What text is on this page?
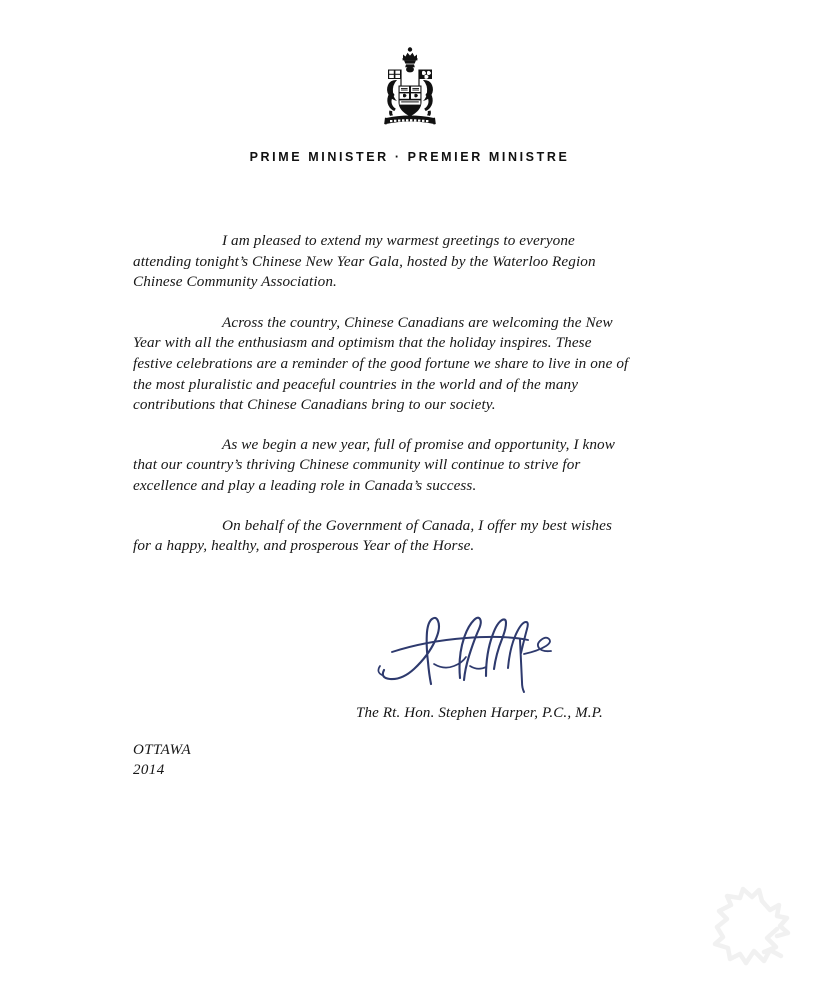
PRIME MINISTER · PREMIER MINISTRE

I am pleased to extend my warmest greetings to everyone attending tonight’s Chinese New Year Gala, hosted by the Waterloo Region Chinese Community Association.

Across the country, Chinese Canadians are welcoming the New Year with all the enthusiasm and optimism that the holiday inspires. These festive celebrations are a reminder of the good fortune we share to live in one of the most pluralistic and peaceful countries in the world and of the many contributions that Chinese Canadians bring to our society.

As we begin a new year, full of promise and opportunity, I know that our country’s thriving Chinese community will continue to strive for excellence and play a leading role in Canada’s success.

On behalf of the Government of Canada, I offer my best wishes for a happy, healthy, and prosperous Year of the Horse.

The Rt. Hon. Stephen Harper, P.C., M.P.
OTTAWA
2014
